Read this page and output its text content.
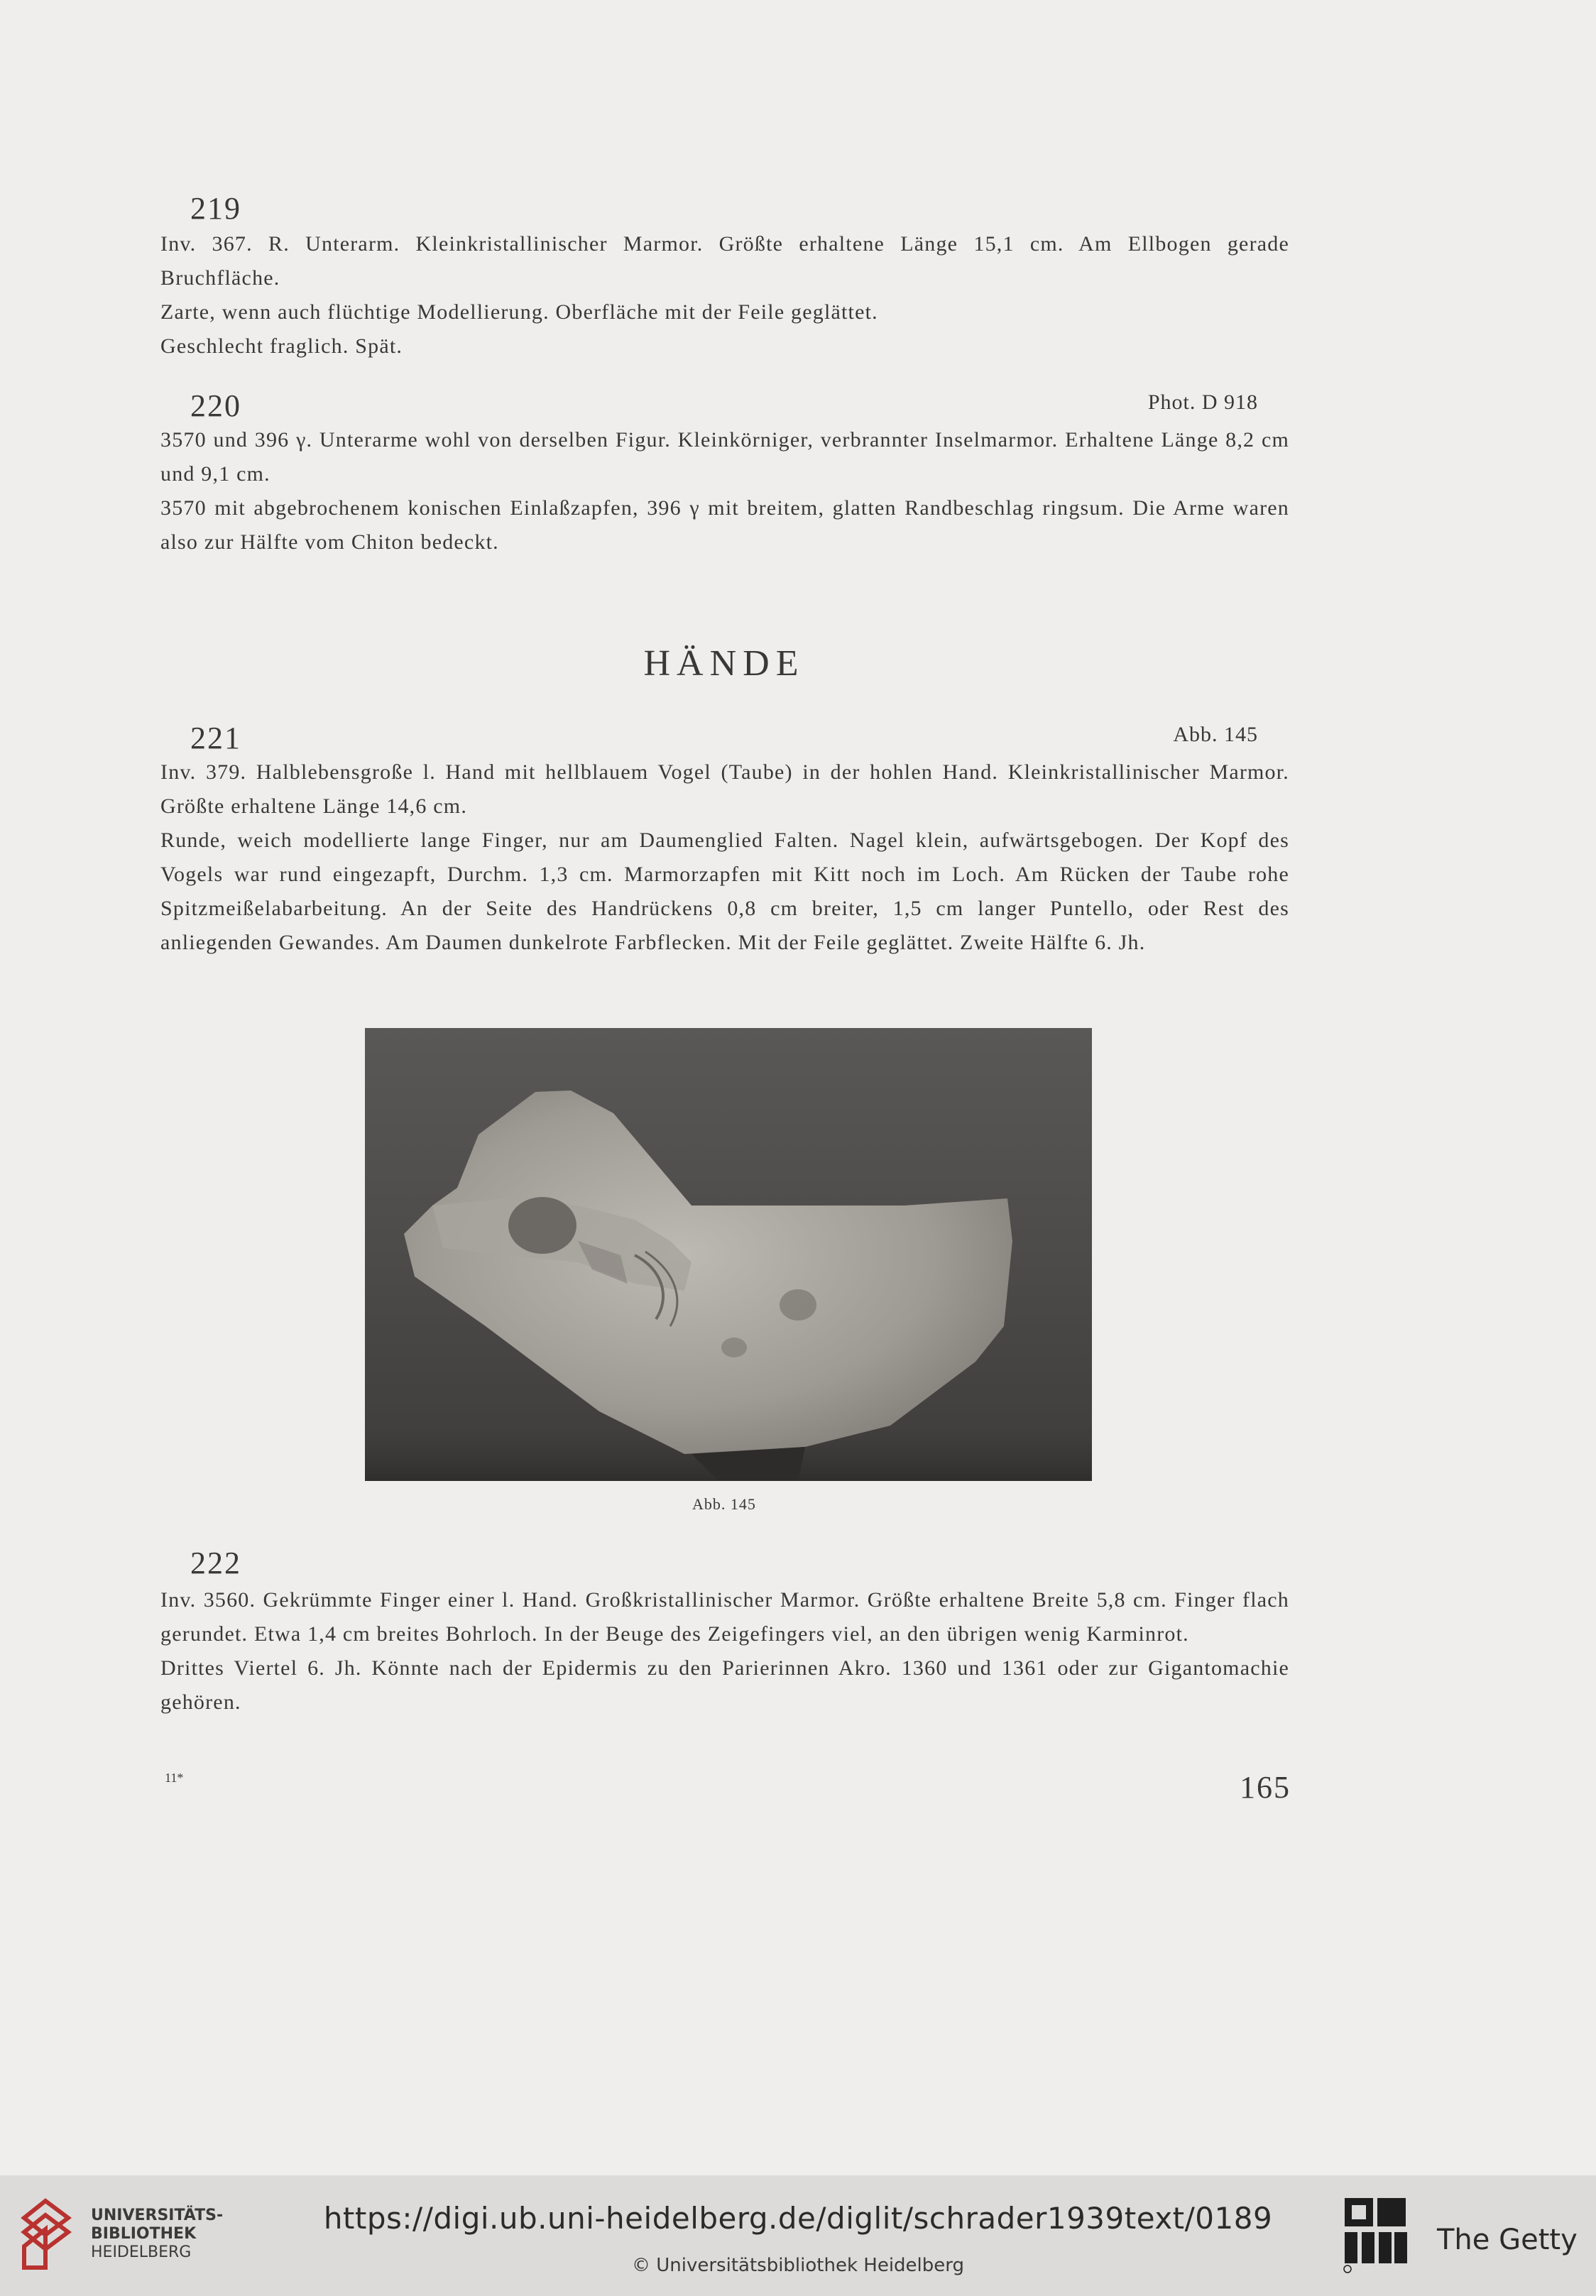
219

Inv. 367. R. Unterarm. Kleinkristallinischer Marmor. Größte erhaltene Länge 15,1 cm. Am Ellbogen gerade Bruchfläche.

Zarte, wenn auch flüchtige Modellierung. Oberfläche mit der Feile geglättet.

Geschlecht fraglich. Spät.

220	Phot. D 918

3570 und 396 γ. Unterarme wohl von derselben Figur. Kleinkörniger, verbrannter Inselmarmor. Erhaltene Länge 8,2 cm und 9,1 cm.

3570 mit abgebrochenem konischen Einlaßzapfen, 396 γ mit breitem, glatten Randbeschlag ringsum. Die Arme waren also zur Hälfte vom Chiton bedeckt.

HÄNDE
221	Abb. 145

Inv. 379. Halblebensgroße l. Hand mit hellblauem Vogel (Taube) in der hohlen Hand. Kleinkristallinischer Marmor. Größte erhaltene Länge 14,6 cm.

Runde, weich modellierte lange Finger, nur am Daumenglied Falten. Nagel klein, aufwärtsgebogen. Der Kopf des Vogels war rund eingezapft, Durchm. 1,3 cm. Marmorzapfen mit Kitt noch im Loch. Am Rücken der Taube rohe Spitzmeißelabarbeitung. An der Seite des Handrückens 0,8 cm breiter, 1,5 cm langer Puntello, oder Rest des anliegenden Gewandes. Am Daumen dunkelrote Farbflecken. Mit der Feile geglättet. Zweite Hälfte 6. Jh.

Abb. 145
222

Inv. 3560. Gekrümmte Finger einer l. Hand. Großkristallinischer Marmor. Größte erhaltene Breite 5,8 cm. Finger flach gerundet. Etwa 1,4 cm breites Bohrloch. In der Beuge des Zeigefingers viel, an den übrigen wenig Karminrot.

Drittes Viertel 6. Jh. Könnte nach der Epidermis zu den Parierinnen Akro. 1360 und 1361 oder zur Gigantomachie gehören.

11*	165
UNIVERSITÄTS-
BIBLIOTHEK
HEIDELBERG
https://digi.ub.uni-heidelberg.de/diglit/schrader1939text/0189
© Universitätsbibliothek Heidelberg
The Getty
